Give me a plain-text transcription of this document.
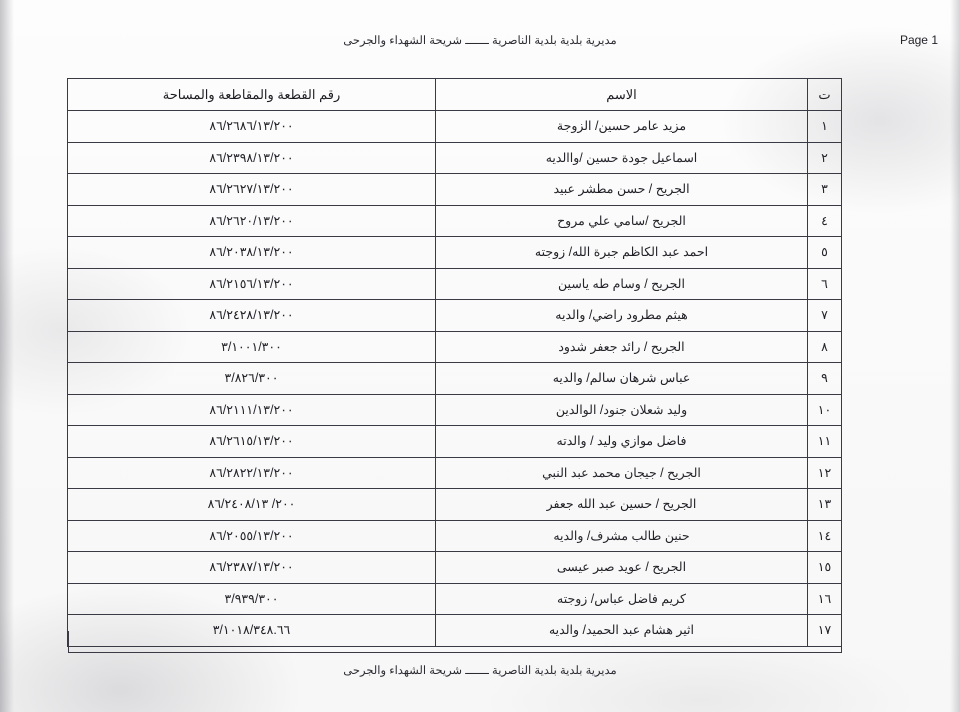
مديرية بلدية بلدية الناصرية ـــــــ شريحة الشهداء والجرحى	Page 1
ت	الاسم	رقم القطعة والمقاطعة والمساحة
١	مزيد عامر حسين/ الزوجة	٨٦/٢٦٨٦/١٣/٢٠٠
٢	اسماعيل جودة حسين /واالديه	٨٦/٢٣٩٨/١٣/٢٠٠
٣	الجريح / حسن مطشر عبيد	٨٦/٢٦٢٧/١٣/٢٠٠
٤	الجريح /سامي علي مروح	٨٦/٢٦٢٠/١٣/٢٠٠
٥	احمد عبد الكاظم جبرة الله/ زوجته	٨٦/٢٠٣٨/١٣/٢٠٠
٦	الجريح / وسام طه ياسين	٨٦/٢١٥٦/١٣/٢٠٠
٧	هيثم مطرود راضي/ والديه	٨٦/٢٤٢٨/١٣/٢٠٠
٨	الجريح / رائد جعفر شدود	٣/١٠٠١/٣٠٠
٩	عباس شرهان سالم/ والديه	٣/٨٢٦/٣٠٠
١٠	وليد شعلان جنود/ الوالدين	٨٦/٢١١١/١٣/٢٠٠
١١	فاضل موازي وليد / والدته	٨٦/٢٦١٥/١٣/٢٠٠
١٢	الجريح / جيجان محمد عبد النبي	٨٦/٢٨٢٢/١٣/٢٠٠
١٣	الجريح / حسين عبد الله جعفر	٢٠٠/ ٨٦/٢٤٠٨/١٣
١٤	حنين طالب مشرف/ والديه	٨٦/٢٠٥٥/١٣/٢٠٠
١٥	الجريح / عويد صبر عيسى	٨٦/٢٣٨٧/١٣/٢٠٠
١٦	كريم فاضل عباس/ زوجته	٣/٩٣٩/٣٠٠
١٧	اثير هشام عبد الحميد/ والديه	٣/١٠١٨/٣٤٨.٦٦
مديرية بلدية بلدية الناصرية ـــــــ شريحة الشهداء والجرحى
